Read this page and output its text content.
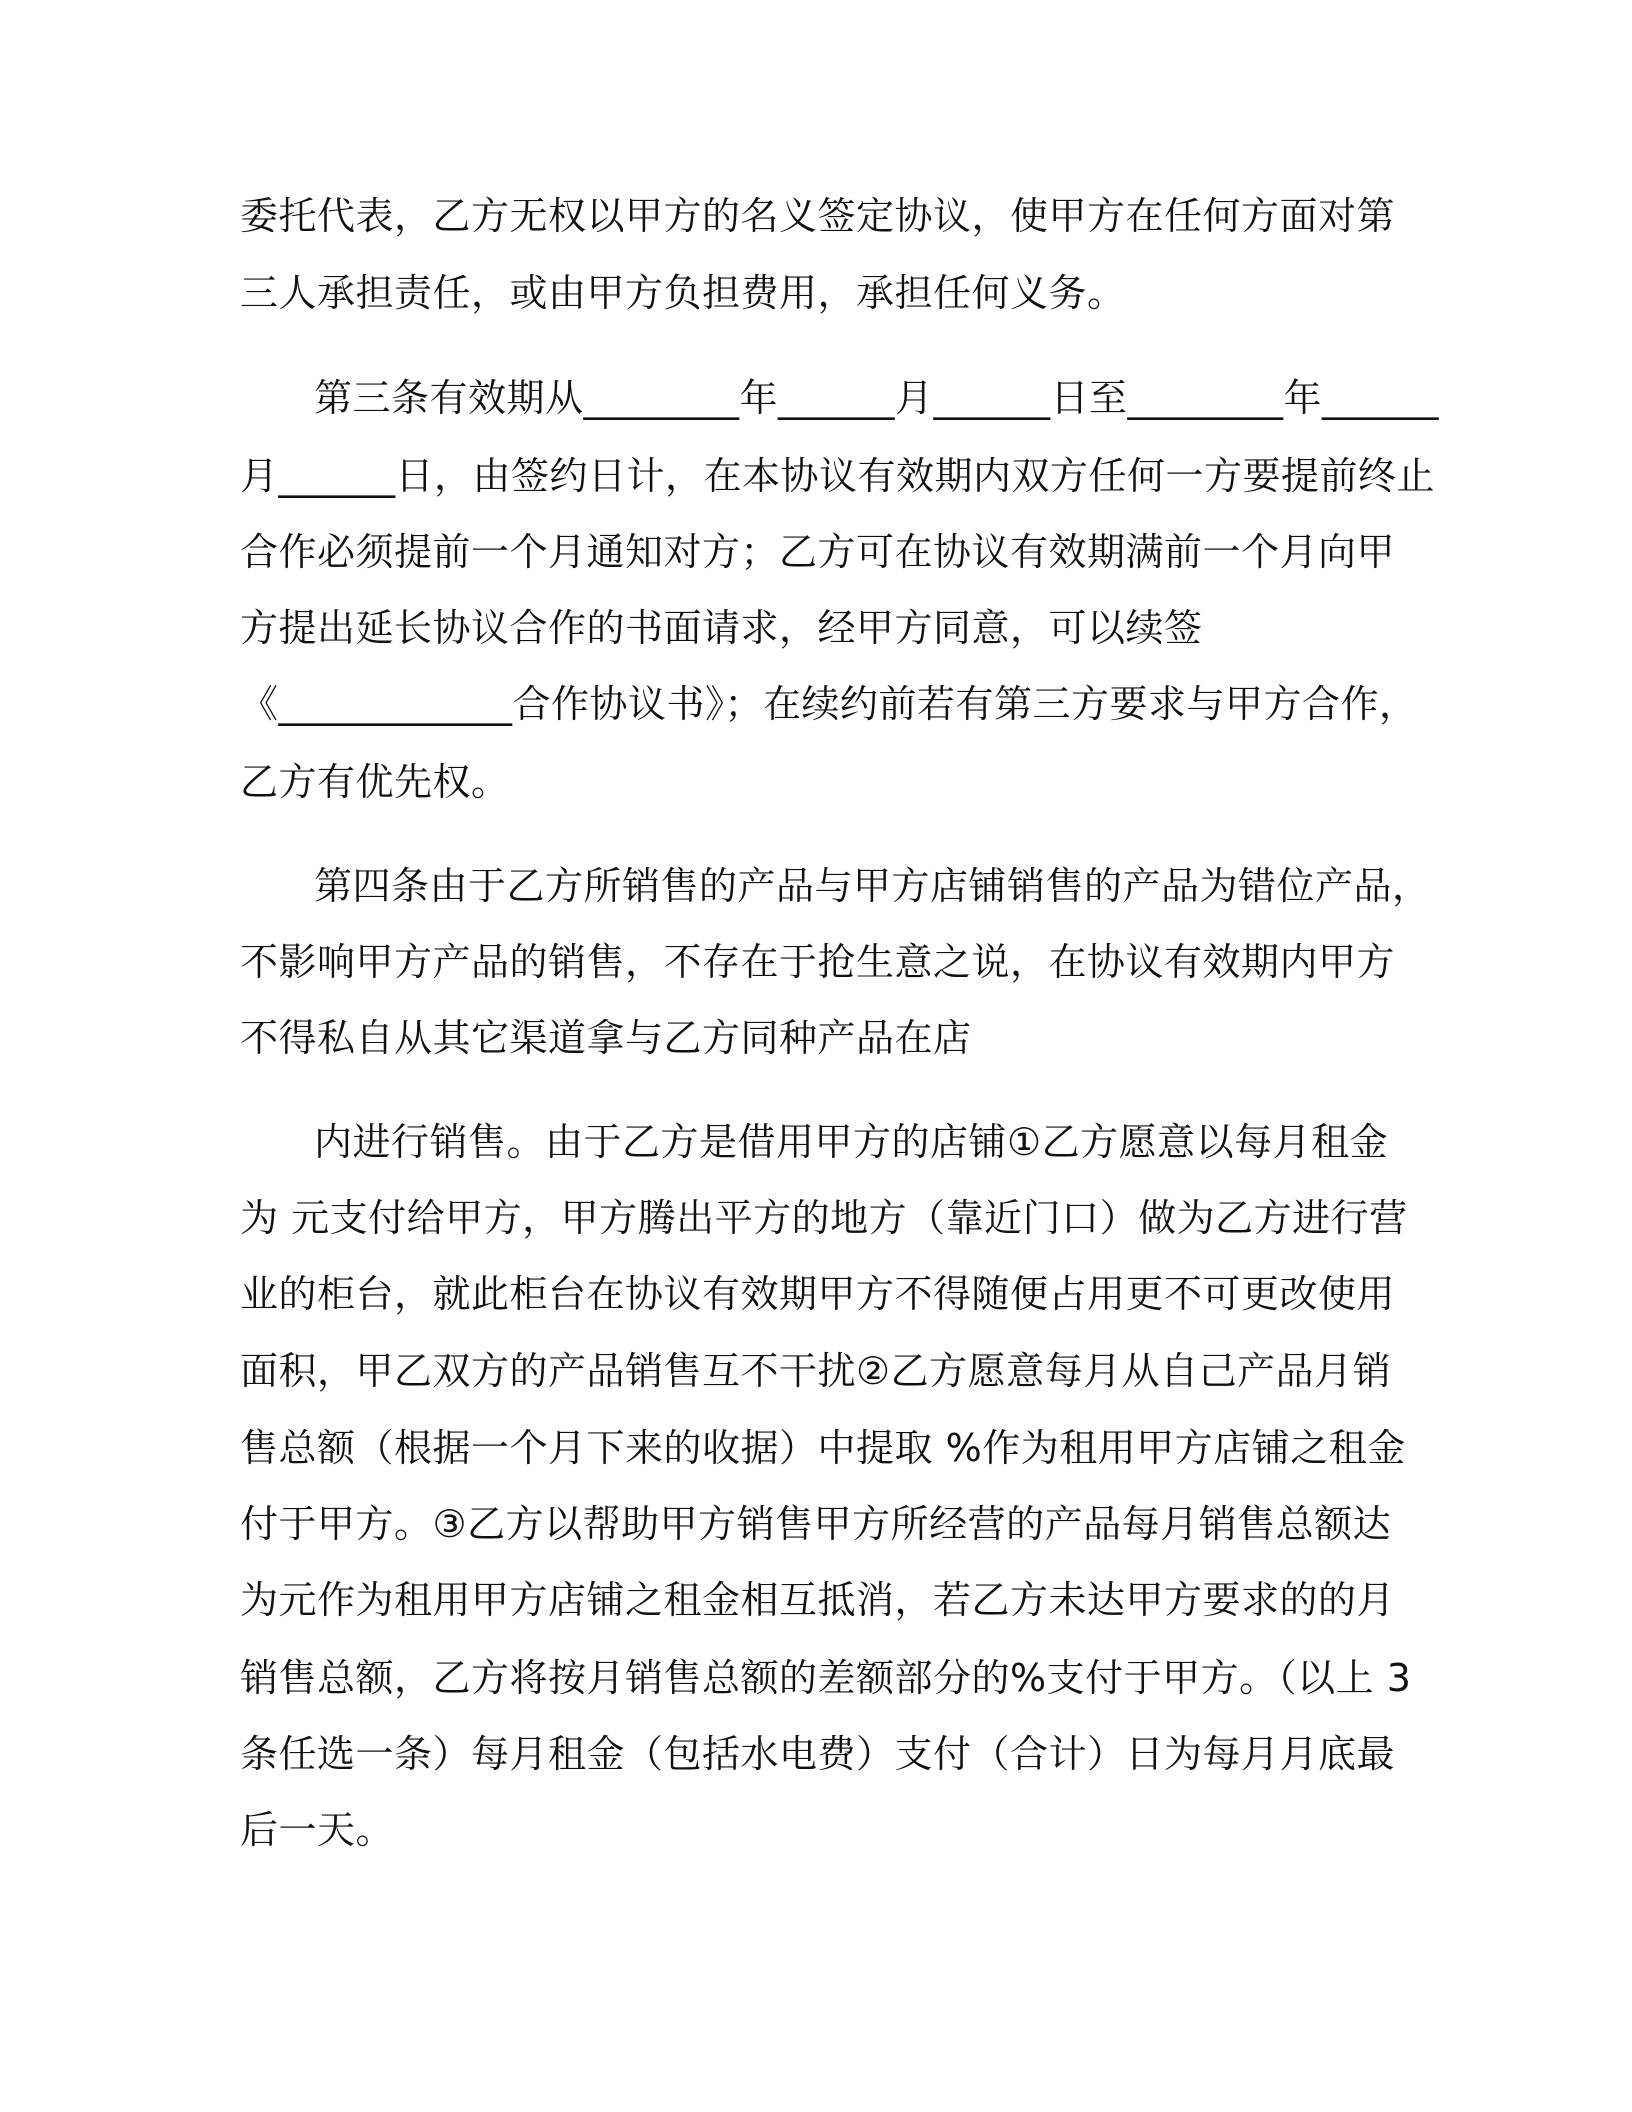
委托代表，乙方无权以甲方的名义签定协议，使甲方在任何方面对第
三人承担责任，或由甲方负担费用，承担任何义务。
第三条有效期从________年______月______日至________年______
月______日，由签约日计，在本协议有效期内双方任何一方要提前终止
合作必须提前一个月通知对方；乙方可在协议有效期满前一个月向甲
方提出延长协议合作的书面请求，经甲方同意，可以续签
《____________合作协议书》；在续约前若有第三方要求与甲方合作，
乙方有优先权。
第四条由于乙方所销售的产品与甲方店铺销售的产品为错位产品，
不影响甲方产品的销售，不存在于抢生意之说，在协议有效期内甲方
不得私自从其它渠道拿与乙方同种产品在店
内进行销售。由于乙方是借用甲方的店铺①乙方愿意以每月租金
为 元支付给甲方，甲方腾出平方的地方（靠近门口）做为乙方进行营
业的柜台，就此柜台在协议有效期甲方不得随便占用更不可更改使用
面积，甲乙双方的产品销售互不干扰②乙方愿意每月从自己产品月销
售总额（根据一个月下来的收据）中提取 %作为租用甲方店铺之租金
付于甲方。③乙方以帮助甲方销售甲方所经营的产品每月销售总额达
为元作为租用甲方店铺之租金相互抵消，若乙方未达甲方要求的的月
销售总额，乙方将按月销售总额的差额部分的%支付于甲方。（以上 3
条任选一条）每月租金（包括水电费）支付（合计）日为每月月底最
后一天。
